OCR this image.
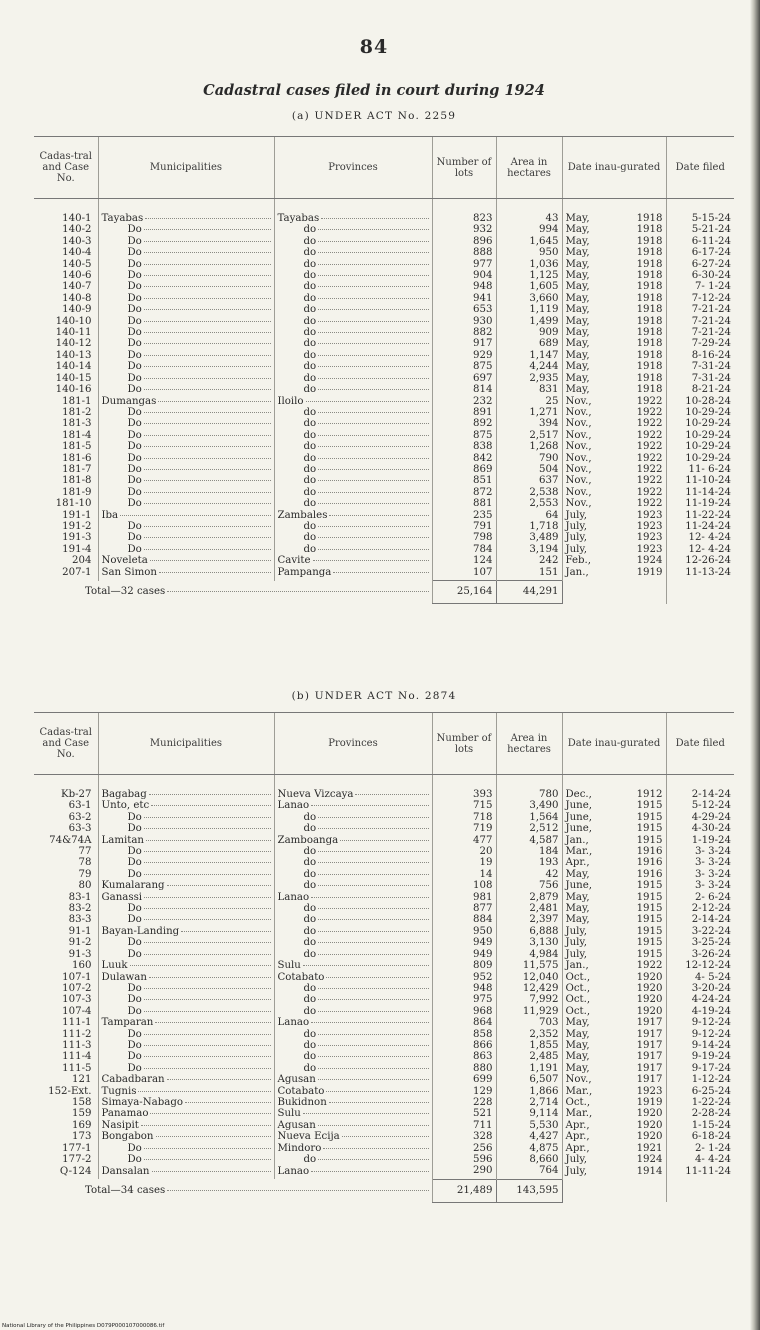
84
Cadastral cases filed in court during 1924
(a) UNDER ACT No. 2259
Cadas-tral and Case No.	Municipalities	Provinces	Number of lots	Area in hectares	Date inau-gurated	Date filed

140-1	Tayabas	Tayabas	823	43	May, 1918	5-15-24
140-2	Do	do	932	994	May, 1918	5-21-24
140-3	Do	do	896	1,645	May, 1918	6-11-24
140-4	Do	do	888	950	May, 1918	6-17-24
140-5	Do	do	977	1,036	May, 1918	6-27-24
140-6	Do	do	904	1,125	May, 1918	6-30-24
140-7	Do	do	948	1,605	May, 1918	7- 1-24
140-8	Do	do	941	3,660	May, 1918	7-12-24
140-9	Do	do	653	1,119	May, 1918	7-21-24
140-10	Do	do	930	1,499	May, 1918	7-21-24
140-11	Do	do	882	909	May, 1918	7-21-24
140-12	Do	do	917	689	May, 1918	7-29-24
140-13	Do	do	929	1,147	May, 1918	8-16-24
140-14	Do	do	875	4,244	May, 1918	7-31-24
140-15	Do	do	697	2,935	May, 1918	7-31-24
140-16	Do	do	814	831	May, 1918	8-21-24
181-1	Dumangas	Iloilo	232	25	Nov., 1922	10-28-24
181-2	Do	do	891	1,271	Nov., 1922	10-29-24
181-3	Do	do	892	394	Nov., 1922	10-29-24
181-4	Do	do	875	2,517	Nov., 1922	10-29-24
181-5	Do	do	838	1,268	Nov., 1922	10-29-24
181-6	Do	do	842	790	Nov., 1922	10-29-24
181-7	Do	do	869	504	Nov., 1922	11- 6-24
181-8	Do	do	851	637	Nov., 1922	11-10-24
181-9	Do	do	872	2,538	Nov., 1922	11-14-24
181-10	Do	do	881	2,553	Nov., 1922	11-19-24
191-1	Iba	Zambales	235	64	July, 1923	11-22-24
191-2	Do	do	791	1,718	July, 1923	11-24-24
191-3	Do	do	798	3,489	July, 1923	12- 4-24
191-4	Do	do	784	3,194	July, 1923	12- 4-24
204	Noveleta	Cavite	124	242	Feb., 1924	12-26-24
207-1	San Simon	Pampanga	107	151	Jan., 1919	11-13-24

Total—32 cases			25,164	44,291		
(b) UNDER ACT No. 2874
Cadas-tral and Case No.	Municipalities	Provinces	Number of lots	Area in hectares	Date inau-gurated	Date filed

Kb-27	Bagabag	Nueva Vizcaya	393	780	Dec., 1912	2-14-24
63-1	Unto, etc	Lanao	715	3,490	June, 1915	5-12-24
63-2	Do	do	718	1,564	June, 1915	4-29-24
63-3	Do	do	719	2,512	June, 1915	4-30-24
74&74A	Lamitan	Zamboanga	477	4,587	Jan., 1915	1-19-24
77	Do	do	20	184	Mar., 1916	3- 3-24
78	Do	do	19	193	Apr., 1916	3- 3-24
79	Do	do	14	42	May, 1916	3- 3-24
80	Kumalarang	do	108	756	June, 1915	3- 3-24
83-1	Ganassi	Lanao	981	2,879	May, 1915	2- 6-24
83-2	Do	do	877	2,481	May, 1915	2-12-24
83-3	Do	do	884	2,397	May, 1915	2-14-24
91-1	Bayan-Landing	do	950	6,888	July, 1915	3-22-24
91-2	Do	do	949	3,130	July, 1915	3-25-24
91-3	Do	do	949	4,984	July, 1915	3-26-24
160	Luuk	Sulu	809	11,575	Jan., 1922	12-12-24
107-1	Dulawan	Cotabato	952	12,040	Oct., 1920	4- 5-24
107-2	Do	do	948	12,429	Oct., 1920	3-20-24
107-3	Do	do	975	7,992	Oct., 1920	4-24-24
107-4	Do	do	968	11,929	Oct., 1920	4-19-24
111-1	Tamparan	Lanao	864	703	May, 1917	9-12-24
111-2	Do	do	858	2,352	May, 1917	9-12-24
111-3	Do	do	866	1,855	May, 1917	9-14-24
111-4	Do	do	863	2,485	May, 1917	9-19-24
111-5	Do	do	880	1,191	May, 1917	9-17-24
121	Cabadbaran	Agusan	699	6,507	Nov., 1917	1-12-24
152-Ext.	Tugnis	Cotabato	129	1,866	Mar., 1923	6-25-24
158	Simaya-Nabago	Bukidnon	228	2,714	Oct., 1919	1-22-24
159	Panamao	Sulu	521	9,114	Mar., 1920	2-28-24
169	Nasipit	Agusan	711	5,530	Apr., 1920	1-15-24
173	Bongabon	Nueva Ecija	328	4,427	Apr., 1920	6-18-24
177-1	Do	Mindoro	256	4,875	Apr., 1921	2- 1-24
177-2	Do	do	596	8,660	July, 1924	4- 4-24
Q-124	Dansalan	Lanao	290	764	July, 1914	11-11-24

Total—34 cases			21,489	143,595		
National Library of the Philippines D079P000107000086.tif
